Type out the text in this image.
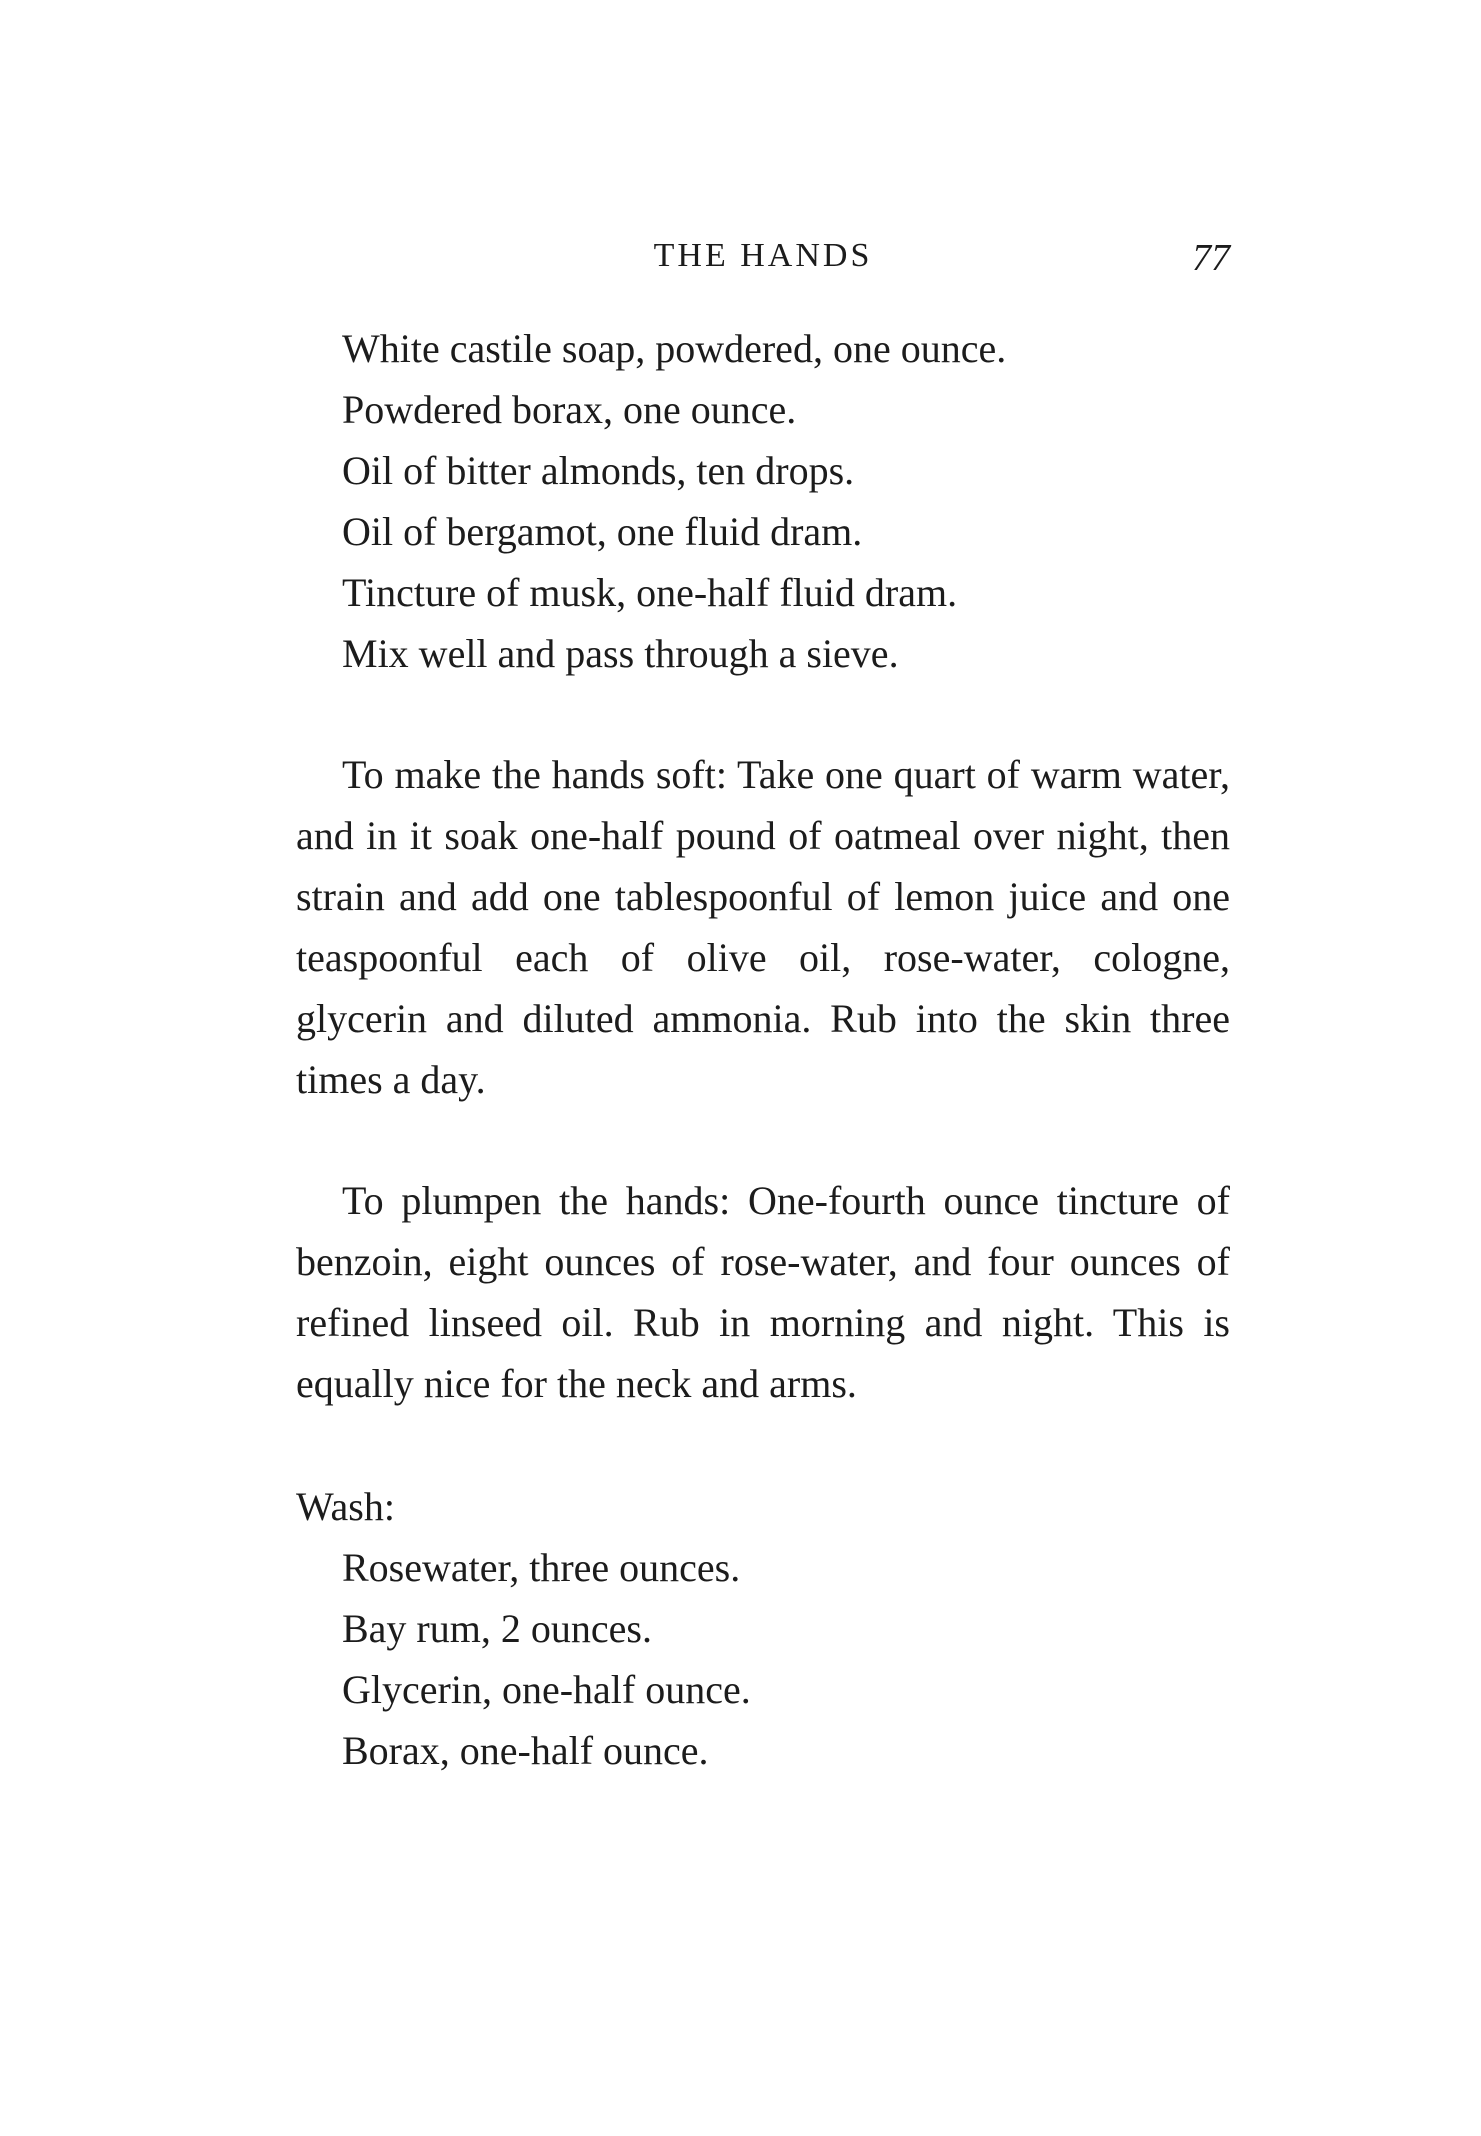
THE HANDS	77
White castile soap, powdered, one ounce.
Powdered borax, one ounce.
Oil of bitter almonds, ten drops.
Oil of bergamot, one fluid dram.
Tincture of musk, one-half fluid dram.
Mix well and pass through a sieve.

To make the hands soft: Take one quart of warm water, and in it soak one-half pound of oatmeal over night, then strain and add one tablespoonful of lemon juice and one teaspoonful each of olive oil, rose-water, cologne, glycerin and diluted ammonia. Rub into the skin three times a day.

To plumpen the hands: One-fourth ounce tincture of benzoin, eight ounces of rose-water, and four ounces of refined linseed oil. Rub in morning and night. This is equally nice for the neck and arms.

Wash:

Rosewater, three ounces.
Bay rum, 2 ounces.
Glycerin, one-half ounce.
Borax, one-half ounce.
